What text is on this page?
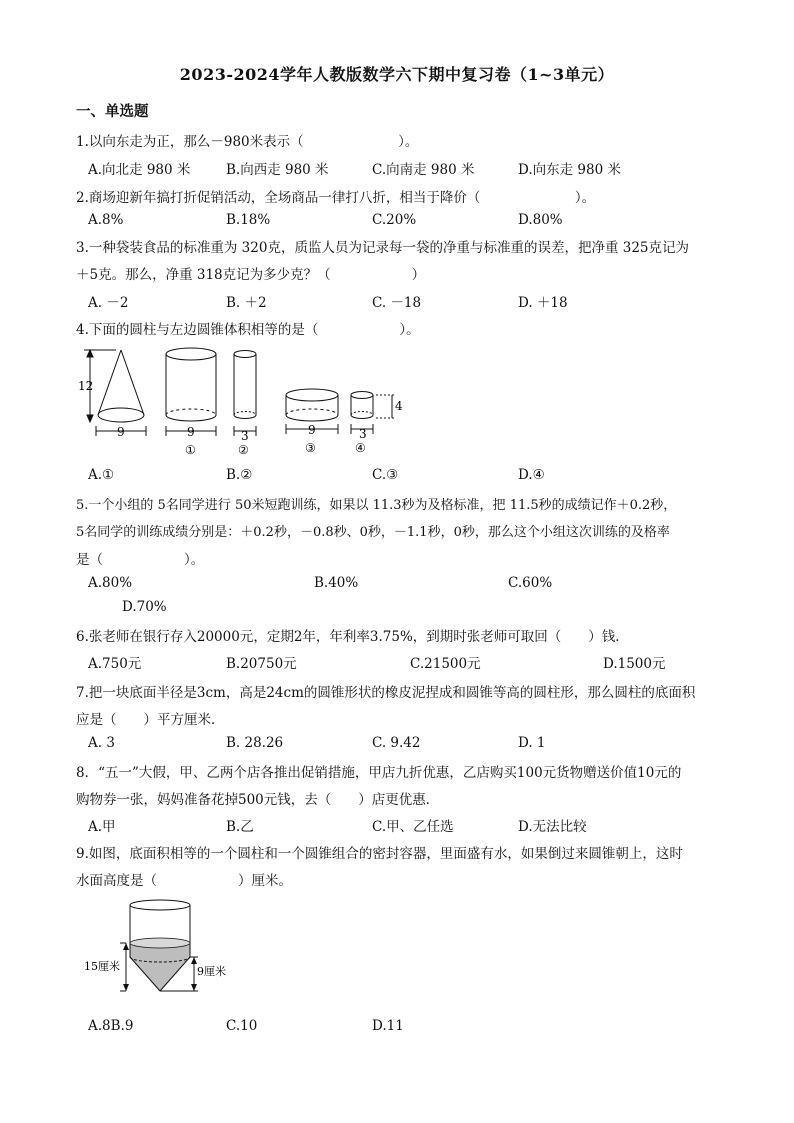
2023-2024学年人教版数学六下期中复习卷（1~3单元）
一、单选题
1.以向东走为正，那么－980米表示（　　　　　　　）。
A.向北走 980 米	B.向西走 980 米	C.向南走 980 米	D.向东走 980 米
2.商场迎新年搞打折促销活动，全场商品一律打八折，相当于降价（　　　　　　　）。
A.8%	B.18%	C.20%	D.80%
3.一种袋装食品的标准重为 320克，质监人员为记录每一袋的净重与标准重的误差，把净重 325克记为
＋5克。那么，净重 318克记为多少克？（　　　　　　）
A. －2	B. ＋2	C. －18	D. ＋18
4.下面的圆柱与左边圆锥体积相等的是（　　　　　　）。
12
9	9	3	9	3
4
①	②	③	④
A.①	B.②	C.③	D.④
5.一个小组的 5名同学进行 50米短跑训练，如果以 11.3秒为及格标准，把 11.5秒的成绩记作＋0.2秒，
5名同学的训练成绩分别是：＋0.2秒，－0.8秒、0秒，－1.1秒，0秒，那么这个小组这次训练的及格率
是（　　　　　　）。
A.80%	B.40%	C.60%
D.70%
6.张老师在银行存入20000元，定期2年，年利率3.75%，到期时张老师可取回（　　）钱．
A.750元	B.20750元	C.21500元	D.1500元
7.把一块底面半径是3cm，高是24cm的圆锥形状的橡皮泥捏成和圆锥等高的圆柱形，那么圆柱的底面积
应是（　　）平方厘米．
A. 3	B. 28.26	C. 9.42	D. 1
8．“五一”大假，甲、乙两个店各推出促销措施，甲店九折优惠，乙店购买100元货物赠送价值10元的
购物券一张，妈妈准备花掉500元钱，去（　　）店更优惠．
A.甲	B.乙	C.甲、乙任选	D.无法比较
9.如图，底面积相等的一个圆柱和一个圆锥组合的密封容器，里面盛有水，如果倒过来圆锥朝上，这时
水面高度是（　　　　　　）厘米。
15厘米	9厘米
A.8B.9	C.10	D.11
